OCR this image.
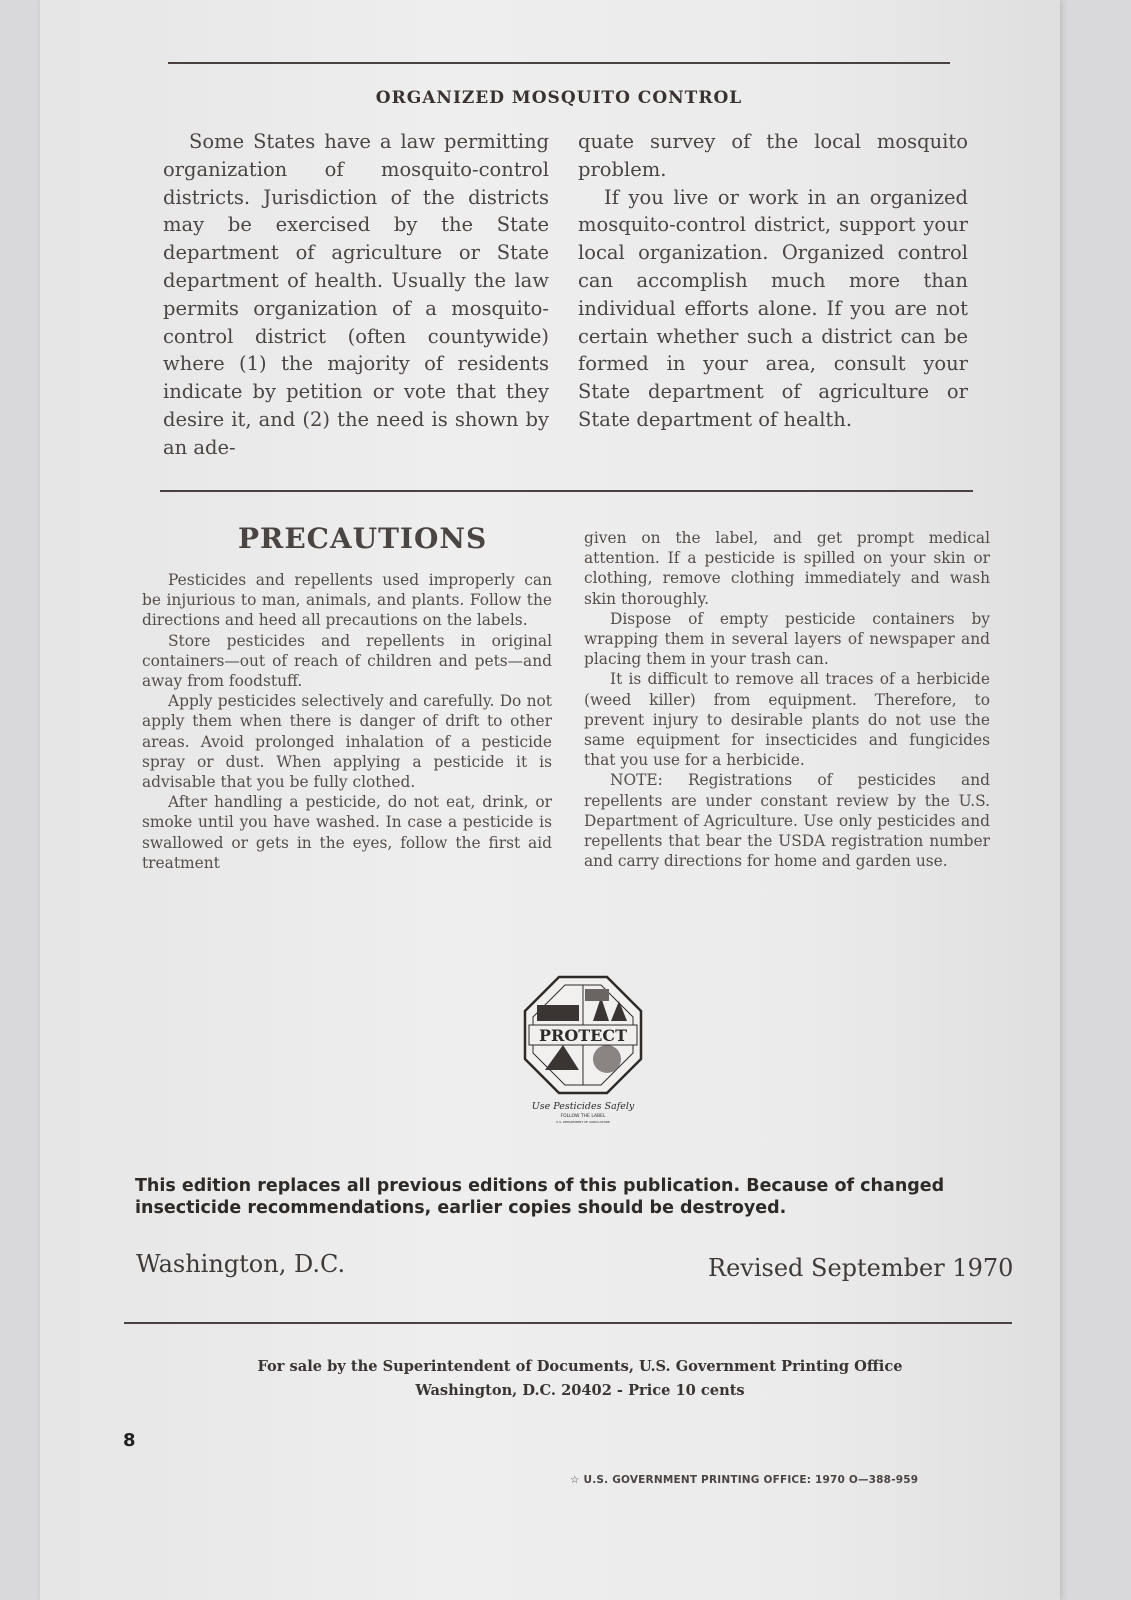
ORGANIZED MOSQUITO CONTROL

Some States have a law permitting organization of mosquito-control districts. Jurisdiction of the districts may be exercised by the State department of agriculture or State department of health. Usually the law permits organization of a mosquito-control district (often countywide) where (1) the majority of residents indicate by petition or vote that they desire it, and (2) the need is shown by an ade-

quate survey of the local mosquito problem.

If you live or work in an organized mosquito-control district, support your local organization. Organized control can accomplish much more than individual efforts alone. If you are not certain whether such a district can be formed in your area, consult your State department of agriculture or State department of health.

PRECAUTIONS

Pesticides and repellents used improperly can be injurious to man, animals, and plants. Follow the directions and heed all precautions on the labels.

Store pesticides and repellents in original containers—out of reach of children and pets—and away from foodstuff.

Apply pesticides selectively and carefully. Do not apply them when there is danger of drift to other areas. Avoid prolonged inhalation of a pesticide spray or dust. When applying a pesticide it is advisable that you be fully clothed.

After handling a pesticide, do not eat, drink, or smoke until you have washed. In case a pesticide is swallowed or gets in the eyes, follow the first aid treatment

given on the label, and get prompt medical attention. If a pesticide is spilled on your skin or clothing, remove clothing immediately and wash skin thoroughly.

Dispose of empty pesticide containers by wrapping them in several layers of newspaper and placing them in your trash can.

It is difficult to remove all traces of a herbicide (weed killer) from equipment. Therefore, to prevent injury to desirable plants do not use the same equipment for insecticides and fungicides that you use for a herbicide.

NOTE: Registrations of pesticides and repellents are under constant review by the U.S. Department of Agriculture. Use only pesticides and repellents that bear the USDA registration number and carry directions for home and garden use.

PROTECT
Use Pesticides Safely
FOLLOW THE LABEL
U.S. DEPARTMENT OF AGRICULTURE
This edition replaces all previous editions of this publication. Because of changed insecticide recommendations, earlier copies should be destroyed.
Washington, D.C.	Revised September 1970
For sale by the Superintendent of Documents, U.S. Government Printing Office
Washington, D.C. 20402 - Price 10 cents
8
☆ U.S. GOVERNMENT PRINTING OFFICE: 1970 O—388-959
